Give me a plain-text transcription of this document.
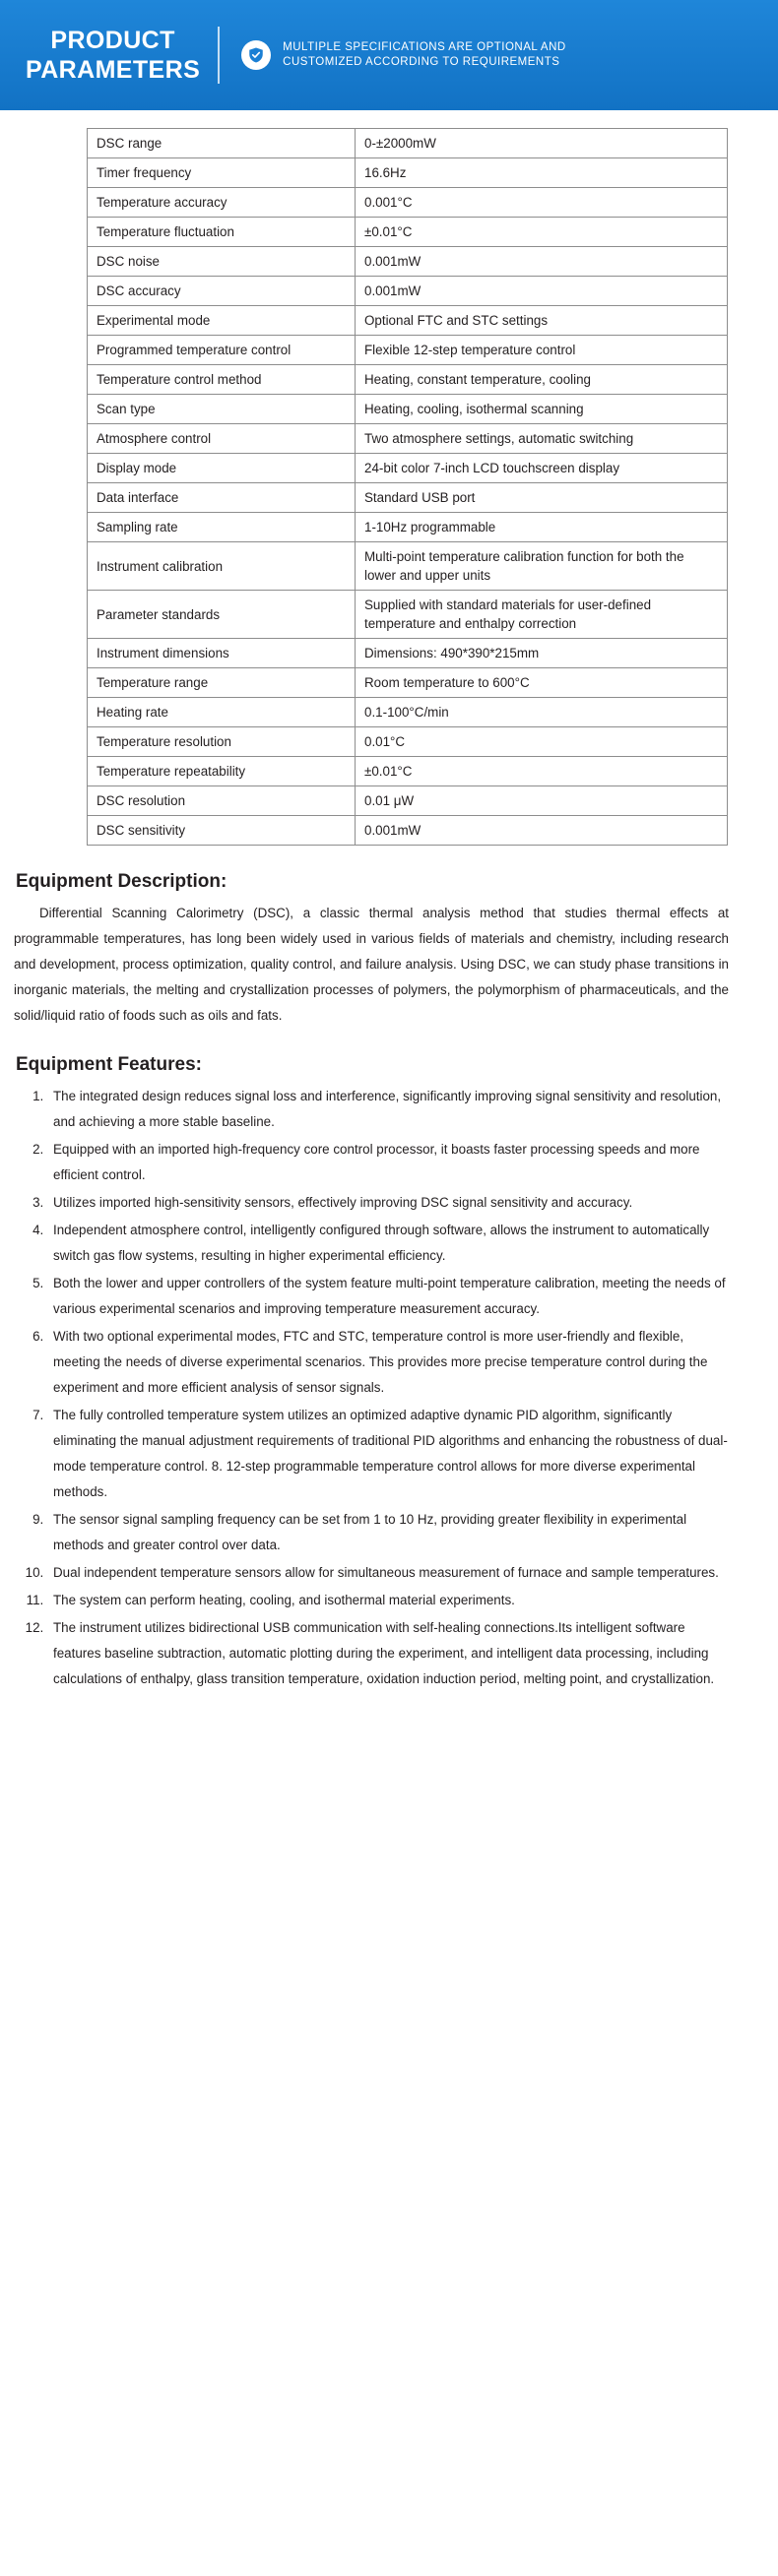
PRODUCT
PARAMETERS
MULTIPLE SPECIFICATIONS ARE OPTIONAL AND
CUSTOMIZED ACCORDING TO REQUIREMENTS
DSC range	0-±2000mW
Timer frequency	16.6Hz
Temperature accuracy	0.001°C
Temperature fluctuation	±0.01°C
DSC noise	0.001mW
DSC accuracy	0.001mW
Experimental mode	Optional FTC and STC settings
Programmed temperature control	Flexible 12-step temperature control
Temperature control method	Heating, constant temperature, cooling
Scan type	Heating, cooling, isothermal scanning
Atmosphere control	Two atmosphere settings, automatic switching
Display mode	24-bit color 7-inch LCD touchscreen display
Data interface	Standard USB port
Sampling rate	1-10Hz programmable
Instrument calibration	Multi-point temperature calibration function for both the lower and upper units
Parameter standards	Supplied with standard materials for user-defined temperature and enthalpy correction
Instrument dimensions	Dimensions: 490*390*215mm
Temperature range	Room temperature to 600°C
Heating rate	0.1-100°C/min
Temperature resolution	0.01°C
Temperature repeatability	±0.01°C
DSC resolution	0.01 μW
DSC sensitivity	0.001mW
Equipment Description:

Differential Scanning Calorimetry (DSC), a classic thermal analysis method that studies thermal effects at programmable temperatures, has long been widely used in various fields of materials and chemistry, including research and development, process optimization, quality control, and failure analysis. Using DSC, we can study phase transitions in inorganic materials, the melting and crystallization processes of polymers, the polymorphism of pharmaceuticals, and the solid/liquid ratio of foods such as oils and fats.

Equipment Features:
1. The integrated design reduces signal loss and interference, significantly improving signal sensitivity and resolution, and achieving a more stable baseline.
2. Equipped with an imported high-frequency core control processor, it boasts faster processing speeds and more efficient control.
3. Utilizes imported high-sensitivity sensors, effectively improving DSC signal sensitivity and accuracy.
4. Independent atmosphere control, intelligently configured through software, allows the instrument to automatically switch gas flow systems, resulting in higher experimental efficiency.
5. Both the lower and upper controllers of the system feature multi-point temperature calibration, meeting the needs of various experimental scenarios and improving temperature measurement accuracy.
6. With two optional experimental modes, FTC and STC, temperature control is more user-friendly and flexible, meeting the needs of diverse experimental scenarios. This provides more precise temperature control during the experiment and more efficient analysis of sensor signals.
7. The fully controlled temperature system utilizes an optimized adaptive dynamic PID algorithm, significantly eliminating the manual adjustment requirements of traditional PID algorithms and enhancing the robustness of dual-mode temperature control. 8. 12-step programmable temperature control allows for more diverse experimental methods.
9. The sensor signal sampling frequency can be set from 1 to 10 Hz, providing greater flexibility in experimental methods and greater control over data.
10. Dual independent temperature sensors allow for simultaneous measurement of furnace and sample temperatures.
11. The system can perform heating, cooling, and isothermal material experiments.
12. The instrument utilizes bidirectional USB communication with self-healing connections.Its intelligent software features baseline subtraction, automatic plotting during the experiment, and intelligent data processing, including calculations of enthalpy, glass transition temperature, oxidation induction period, melting point, and crystallization.
